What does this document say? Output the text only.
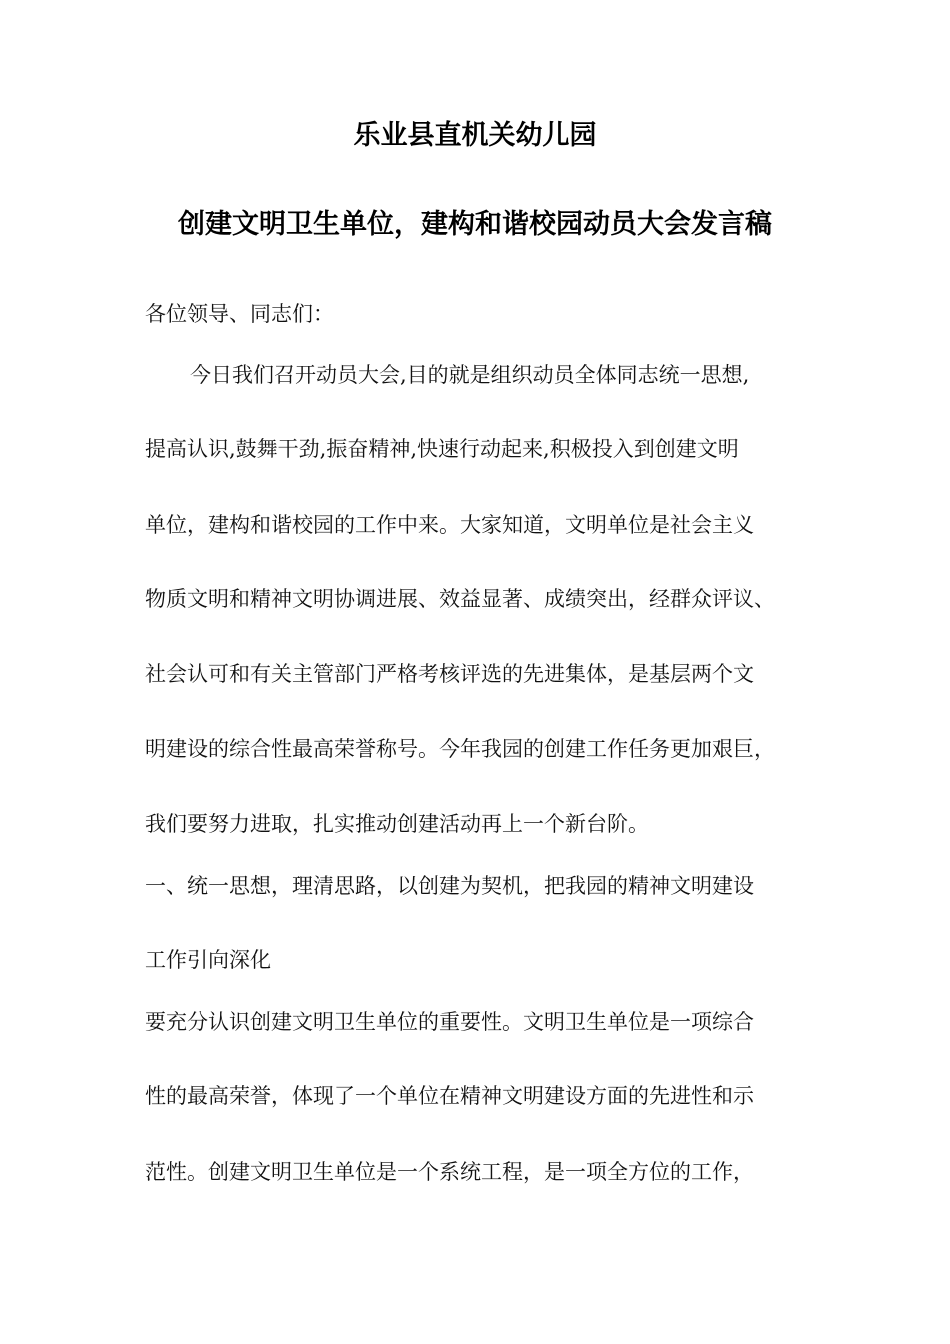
乐业县直机关幼儿园
创建文明卫生单位，建构和谐校园动员大会发言稿
各位领导、同志们：
今日我们召开动员大会,目的就是组织动员全体同志统一思想,
提高认识,鼓舞干劲,振奋精神,快速行动起来,积极投入到创建文明
单位，建构和谐校园的工作中来。大家知道，文明单位是社会主义
物质文明和精神文明协调进展、效益显著、成绩突出，经群众评议、
社会认可和有关主管部门严格考核评选的先进集体，是基层两个文
明建设的综合性最高荣誉称号。今年我园的创建工作任务更加艰巨，
我们要努力进取，扎实推动创建活动再上一个新台阶。
一、统一思想，理清思路，以创建为契机，把我园的精神文明建设
工作引向深化
要充分认识创建文明卫生单位的重要性。文明卫生单位是一项综合
性的最高荣誉，体现了一个单位在精神文明建设方面的先进性和示
范性。创建文明卫生单位是一个系统工程，是一项全方位的工作，
